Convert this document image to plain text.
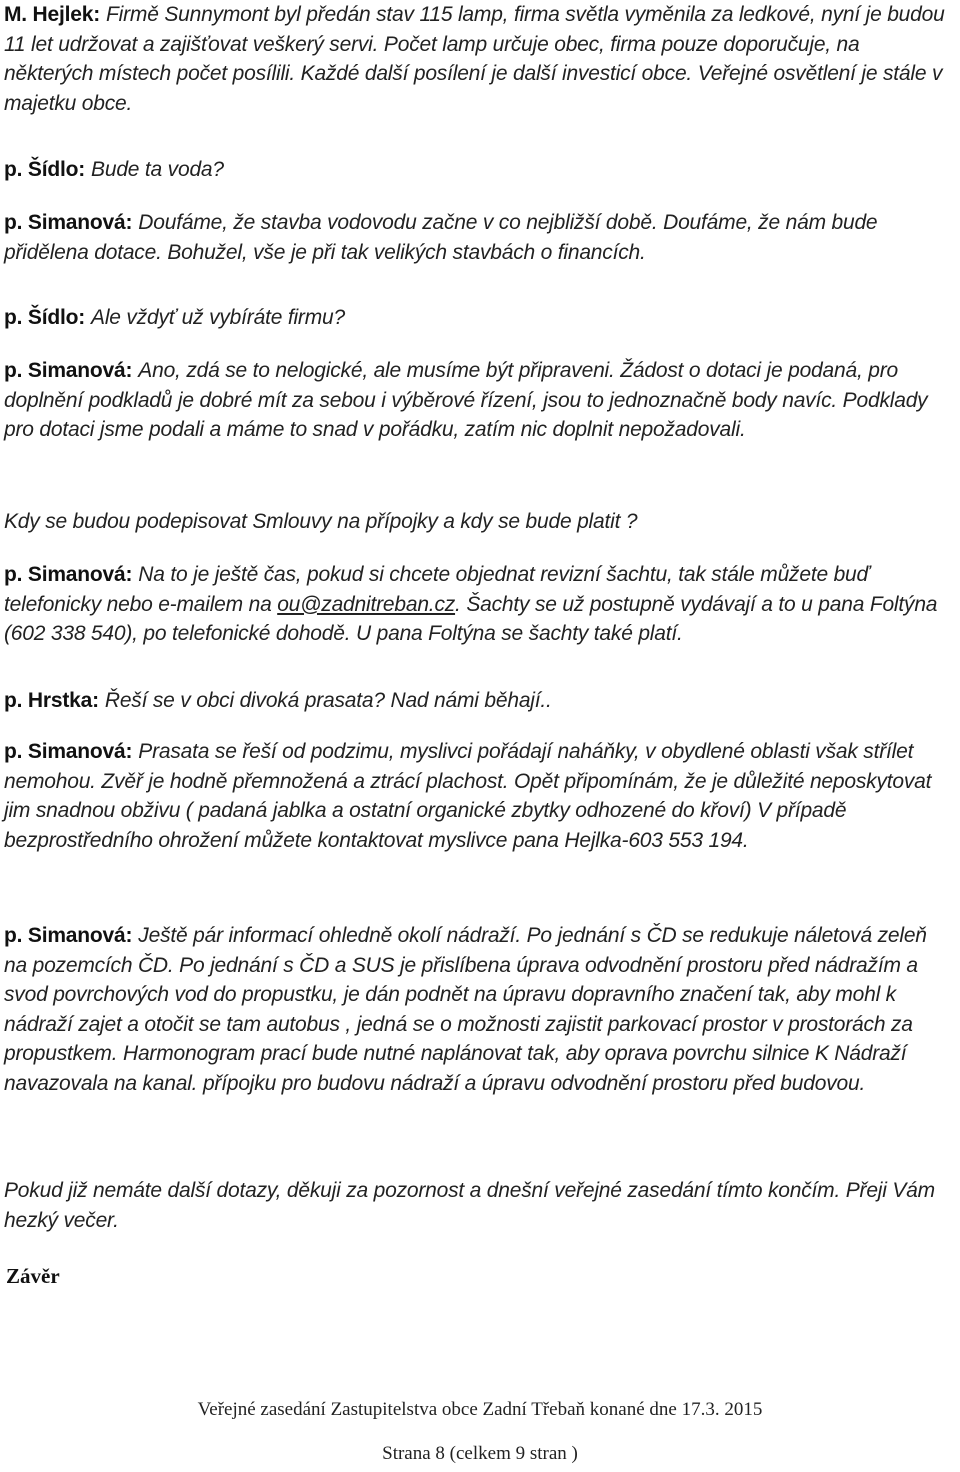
M. Hejlek: Firmě Sunnymont byl předán stav 115 lamp, firma světla vyměnila za ledkové, nyní je budou 11 let udržovat a zajišťovat veškerý servi. Počet lamp určuje obec, firma pouze doporučuje, na některých místech počet posílili. Každé další posílení je další investicí obce. Veřejné osvětlení je stále v majetku obce.
p. Šídlo: Bude ta voda?
p. Simanová: Doufáme, že stavba vodovodu začne v co nejbližší době. Doufáme, že nám bude přidělena dotace. Bohužel, vše je při tak velikých stavbách o financích.
p. Šídlo: Ale vždyť už vybíráte firmu?
p. Simanová: Ano, zdá se to nelogické, ale musíme být připraveni. Žádost o dotaci je podaná, pro doplnění podkladů je dobré mít za sebou i výběrové řízení, jsou to jednoznačně body navíc. Podklady pro dotaci jsme podali a máme to snad v pořádku, zatím nic doplnit nepožadovali.
Kdy se budou podepisovat Smlouvy na přípojky a kdy se bude platit ?
p. Simanová: Na to je ještě čas, pokud si chcete objednat revizní šachtu, tak stále můžete buď telefonicky nebo e-mailem na ou@zadnitreban.cz. Šachty se už postupně vydávají a to u pana Foltýna (602 338 540), po telefonické dohodě. U pana Foltýna se šachty také platí.
p. Hrstka: Řeší se v obci divoká prasata? Nad námi běhají..
p. Simanová: Prasata se řeší od podzimu, myslivci pořádají naháňky, v obydlené oblasti však střílet nemohou. Zvěř je hodně přemnožená a ztrácí plachost. Opět připomínám, že je důležité neposkytovat jim snadnou obživu ( padaná jablka a ostatní organické zbytky odhozené do křoví) V případě bezprostředního ohrožení můžete kontaktovat myslivce pana Hejlka-603 553 194.
p. Simanová: Ještě pár informací ohledně okolí nádraží. Po jednání s ČD se redukuje náletová zeleň na pozemcích ČD. Po jednání s ČD a SUS je přislíbena úprava odvodnění prostoru před nádražím a svod povrchových vod do propustku, je dán podnět na úpravu dopravního značení tak, aby mohl k nádraží zajet a otočit se tam autobus , jedná se o možnosti zajistit parkovací prostor v prostorách za propustkem. Harmonogram prací bude nutné naplánovat tak, aby oprava povrchu silnice K Nádraží navazovala na kanal. přípojku pro budovu nádraží a úpravu odvodnění prostoru před budovou.
Pokud již nemáte další dotazy, děkuji za pozornost a dnešní veřejné zasedání tímto končím. Přeji Vám hezký večer.
Závěr
Veřejné zasedání Zastupitelstva obce Zadní Třebaň konané dne 17.3. 2015
Strana 8 (celkem 9 stran )
